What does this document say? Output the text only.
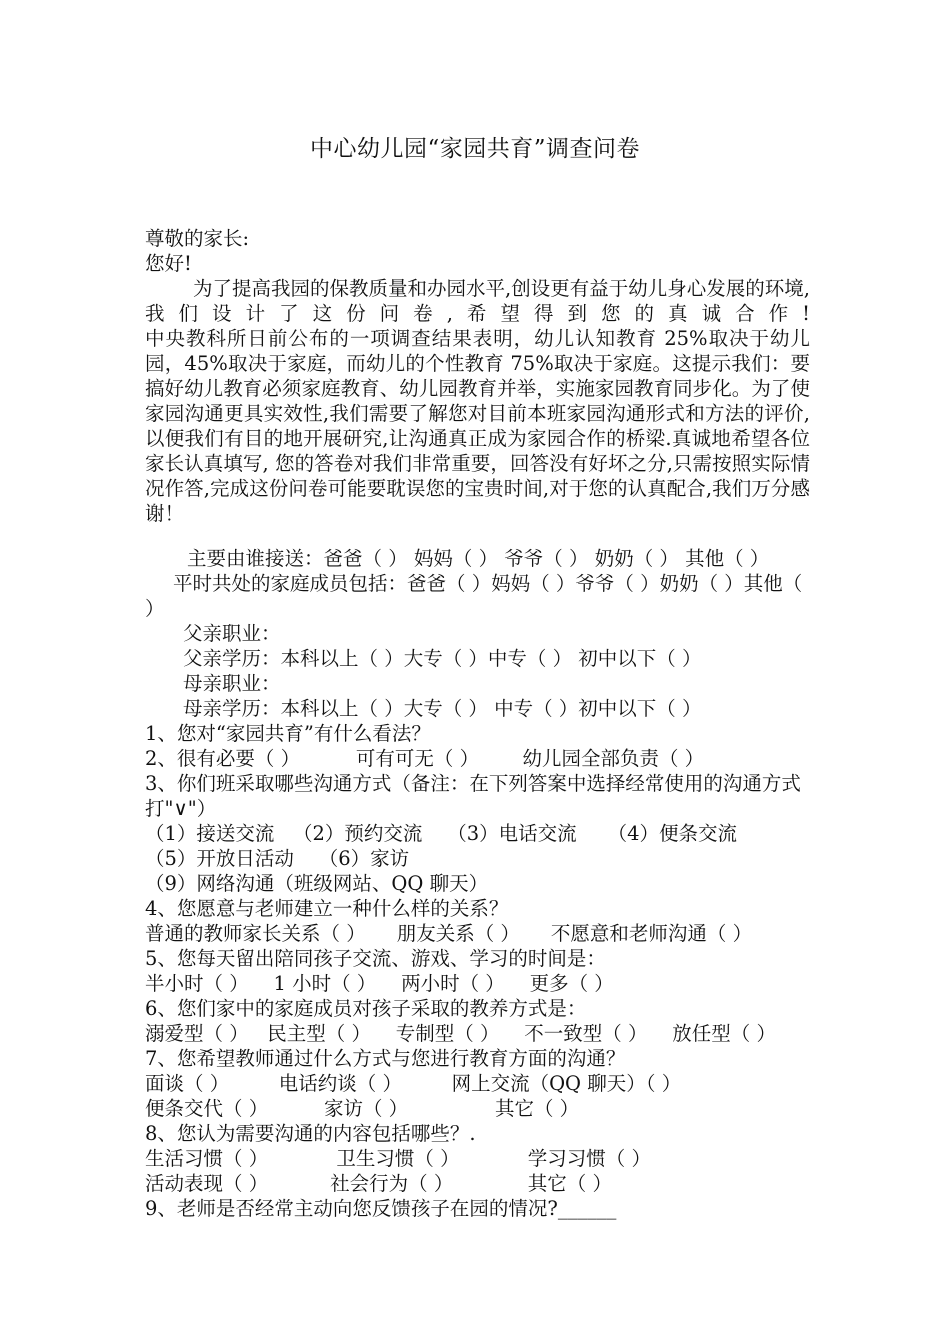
中心幼儿园“家园共育”调查问卷
尊敬的家长:
您好!
为了提高我园的保教质量和办园水平,创设更有益于幼儿身心发展的环境,我们设计了这份问卷,希望得到您的真诚合作!
中央教科所日前公布的一项调查结果表明，幼儿认知教育 25%取决于幼儿园，45%取决于家庭，而幼儿的个性教育 75%取决于家庭。这提示我们：要搞好幼儿教育必须家庭教育、幼儿园教育并举，实施家园教育同步化。为了使家园沟通更具实效性,我们需要了解您对目前本班家园沟通形式和方法的评价,以便我们有目的地开展研究,让沟通真正成为家园合作的桥梁.真诚地希望各位家长认真填写, 您的答卷对我们非常重要，回答没有好坏之分,只需按照实际情况作答,完成这份问卷可能要耽误您的宝贵时间,对于您的认真配合,我们万分感谢！
主要由谁接送：爸爸（ ） 妈妈（ ） 爷爷（ ） 奶奶（ ） 其他（ ）
平时共处的家庭成员包括：爸爸（ ）妈妈（ ）爷爷（ ）奶奶（ ）其他（ ）
父亲职业：
父亲学历：本科以上（ ）大专（ ）中专（ ） 初中以下（ ）
母亲职业：
母亲学历：本科以上（ ）大专（ ） 中专（ ）初中以下（ ）
1、您对“家园共育”有什么看法？
2、很有必要（ ）         可有可无（ ）       幼儿园全部负责（ ）
3、你们班采取哪些沟通方式（备注：在下列答案中选择经常使用的沟通方式打"∨"）
（1）接送交流   （2）预约交流    （3）电话交流     （4）便条交流
（5）开放日活动    （6）家访
（9）网络沟通（班级网站、QQ 聊天）
4、您愿意与老师建立一种什么样的关系？
普通的教师家长关系（ ）     朋友关系（ ）     不愿意和老师沟通（ ）
5、您每天留出陪同孩子交流、游戏、学习的时间是：
半小时（ ）    1 小时（ ）    两小时（ ）    更多（ ）
6、您们家中的家庭成员对孩子采取的教养方式是：
溺爱型（ ）   民主型（ ）    专制型（ ）    不一致型（ ）    放任型（ ）
7、您希望教师通过什么方式与您进行教育方面的沟通？
面谈（ ）        电话约谈（ ）        网上交流（QQ 聊天）（ ）
便条交代（ ）         家访（ ）              其它（ ）
8、您认为需要沟通的内容包括哪些？.
生活习惯（ ）           卫生习惯（ ）           学习习惯（ ）
活动表现（ ）          社会行为（ ）            其它（ ）
9、老师是否经常主动向您反馈孩子在园的情况?______
